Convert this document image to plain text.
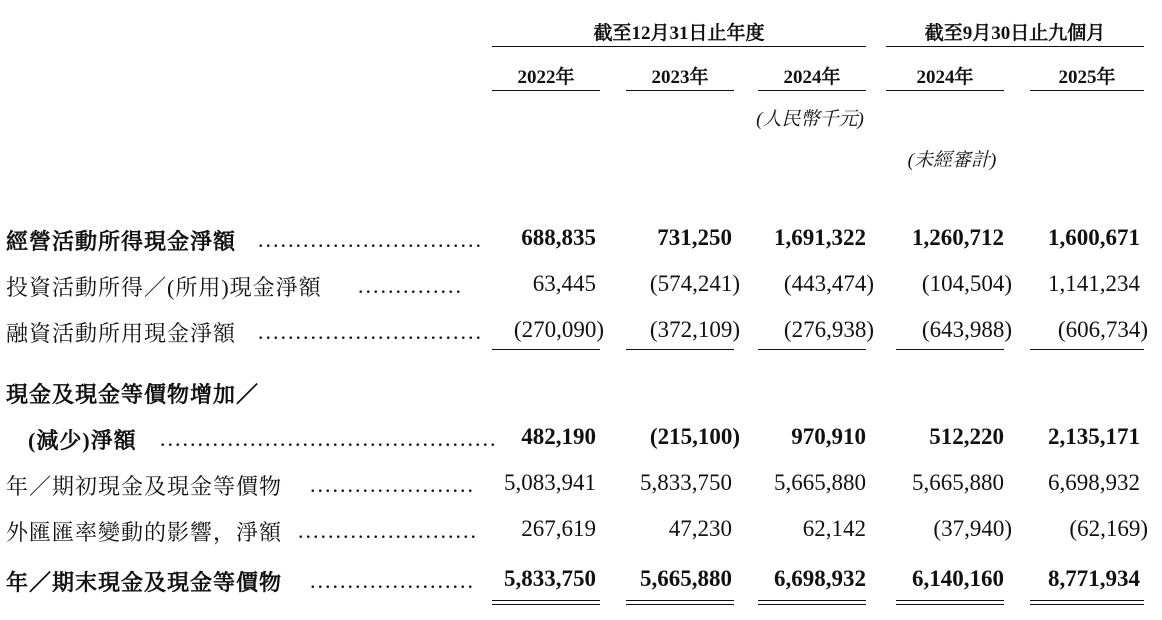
截至12月31日止年度	截至9月30日止九個月
2022年	2023年	2024年	2024年	2025年
(人民幣千元)
(未經審計)
經營活動所得現金淨額 ..............................	688,835	731,250	1,691,322	1,260,712	1,600,671
投資活動所得／(所用)現金淨額 ..............	63,445	(574,241)	(443,474)	(104,504)	1,141,234
融資活動所用現金淨額 ..............................	(270,090)	(372,109)	(276,938)	(643,988)	(606,734)
現金及現金等價物增加／
(減少)淨額 .............................................	482,190	(215,100)	970,910	512,220	2,135,171
年／期初現金及現金等價物 ......................	5,083,941	5,833,750	5,665,880	5,665,880	6,698,932
外匯匯率變動的影響，淨額 ........................	267,619	47,230	62,142	(37,940)	(62,169)
年／期末現金及現金等價物 ......................	5,833,750	5,665,880	6,698,932	6,140,160	8,771,934
